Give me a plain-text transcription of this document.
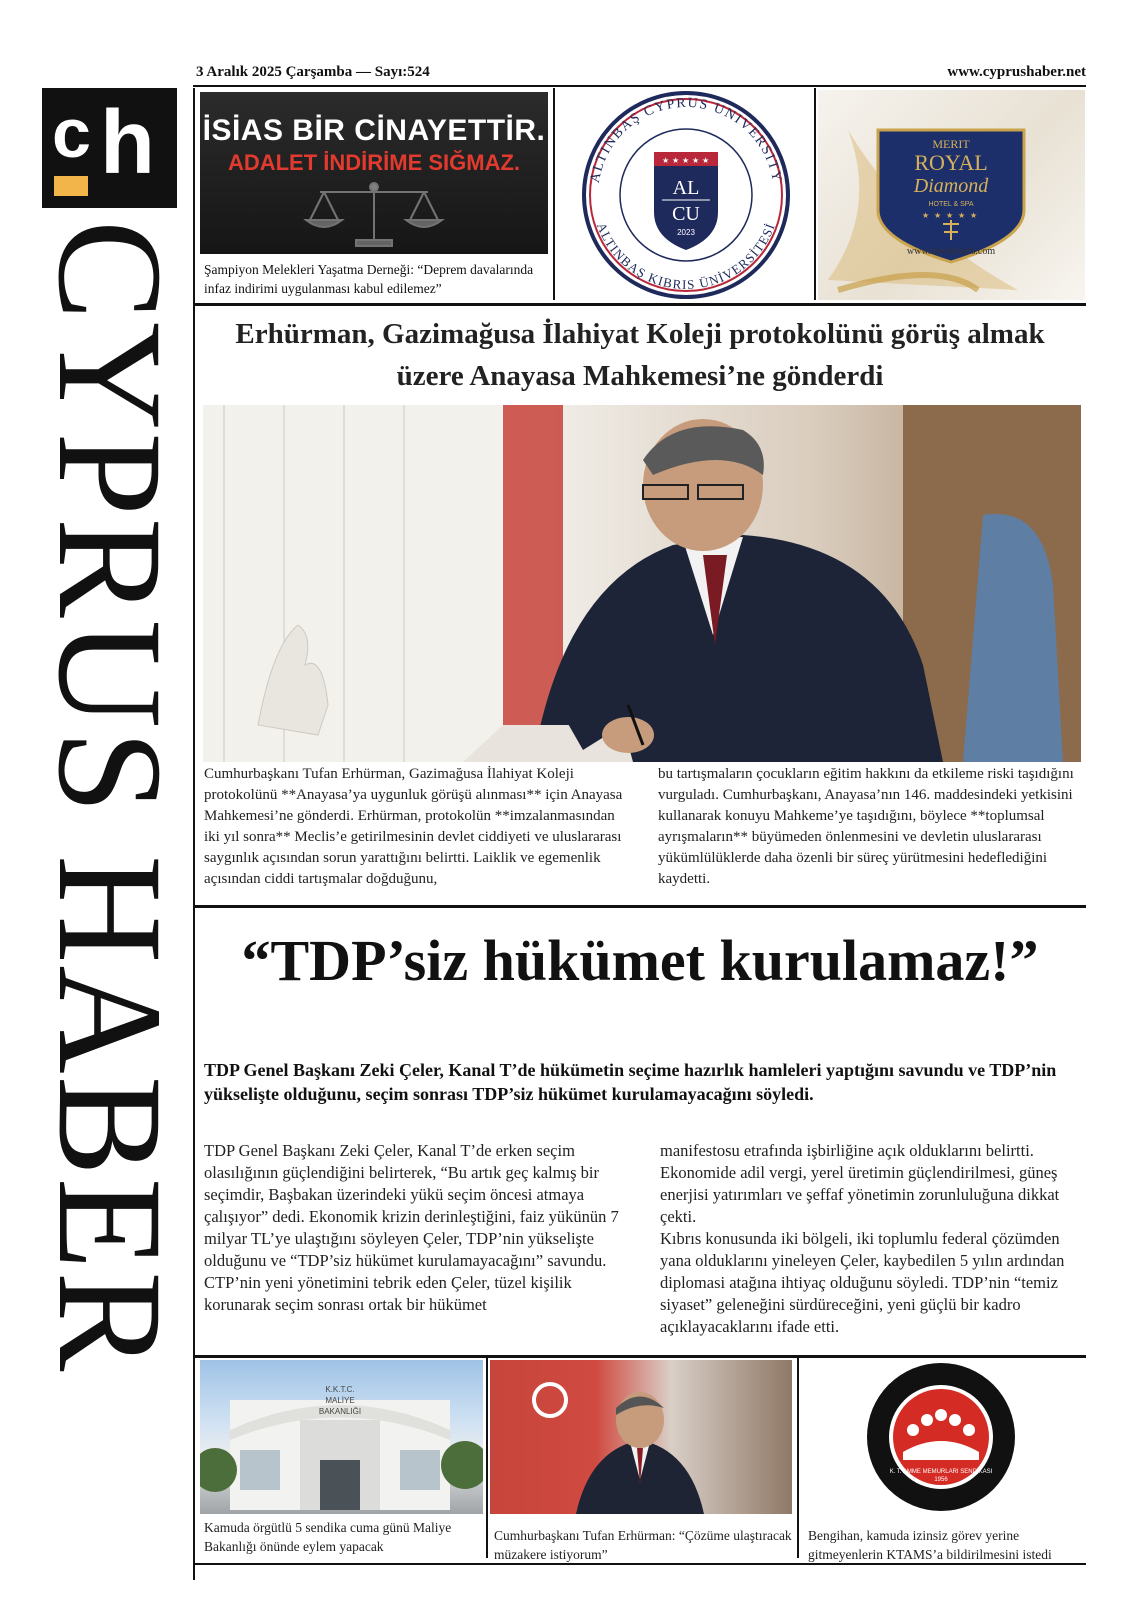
c h
CYPRUS HABER
3 Aralık 2025 Çarşamba — Sayı:524	www.cyprushaber.net
İSİAS BİR CİNAYETTİR.
ADALET İNDİRİME SIĞMAZ.
Şampiyon Melekleri Yaşatma Derneği: “Deprem davalarında infaz indirimi uygulanması kabul edilemez”
ALTINBAŞ CYPRUS UNIVERSITY
ALTINBAŞ KIBRIS ÜNİVERSİTESİ
★ ★ ★ ★ ★
AL
CU
2023
MERIT
ROYAL
Diamond
HOTEL & SPA
★ ★ ★ ★ ★
www.merithotels.com
Erhürman, Gazimağusa İlahiyat Koleji protokolünü görüş almak üzere Anayasa Mahkemesi’ne gönderdi

Cumhurbaşkanı Tufan Erhürman, Gazimağusa İlahiyat Koleji protokolünü **Anayasa’ya uygunluk görüşü alınması** için Anayasa Mahkemesi’ne gönderdi. Erhürman, protokolün **imzalanmasından iki yıl sonra** Meclis’e getirilmesinin devlet ciddiyeti ve uluslararası saygınlık açısından sorun yarattığını belirtti. Laiklik ve egemenlik açısından ciddi tartışmalar doğduğunu,

bu tartışmaların çocukların eğitim hakkını da etkileme riski taşıdığını vurguladı. Cumhurbaşkanı, Anayasa’nın 146. maddesindeki yetkisini kullanarak konuyu Mahkeme’ye taşıdığını, böylece **toplumsal ayrışmaların** büyümeden önlenmesini ve devletin uluslararası yükümlülüklerde daha özenli bir süreç yürütmesini hedeflediğini kaydetti.

“TDP’siz hükümet kurulamaz!”

TDP Genel Başkanı Zeki Çeler, Kanal T’de hükümetin seçime hazırlık hamleleri yaptığını savundu ve TDP’nin yükselişte olduğunu, seçim sonrası TDP’siz hükümet kurulamayacağını söyledi.

TDP Genel Başkanı Zeki Çeler, Kanal T’de erken seçim olasılığının güçlendiğini belirterek, “Bu artık geç kalmış bir seçimdir, Başbakan üzerindeki yükü seçim öncesi atmaya çalışıyor” dedi. Ekonomik krizin derinleştiğini, faiz yükünün 7 milyar TL’ye ulaştığını söyleyen Çeler, TDP’nin yükselişte olduğunu ve “TDP’siz hükümet kurulamayacağını” savundu.

CTP’nin yeni yönetimini tebrik eden Çeler, tüzel kişilik korunarak seçim sonrası ortak bir hükümet

manifestosu etrafında işbirliğine açık olduklarını belirtti. Ekonomide adil vergi, yerel üretimin güçlendirilmesi, güneş enerjisi yatırımları ve şeffaf yönetimin zorunluluğuna dikkat çekti.

Kıbrıs konusunda iki bölgeli, iki toplumlu federal çözümden yana olduklarını yineleyen Çeler, kaybedilen 5 yılın ardından diplomasi atağına ihtiyaç olduğunu söyledi. TDP’nin “temiz siyaset” geleneğini sürdüreceğini, yeni güçlü bir kadro açıklayacaklarını ifade etti.

K.K.T.C.
MALİYE
BAKANLIĞI
K. T. AMME MEMURLARI SENDİKASI
1956
Kamuda örgütlü 5 sendika cuma günü Maliye Bakanlığı önünde eylem yapacak
Cumhurbaşkanı Tufan Erhürman: “Çözüme ulaştıracak müzakere istiyorum”
Bengihan, kamuda izinsiz görev yerine gitmeyenlerin KTAMS’a bildirilmesini istedi
